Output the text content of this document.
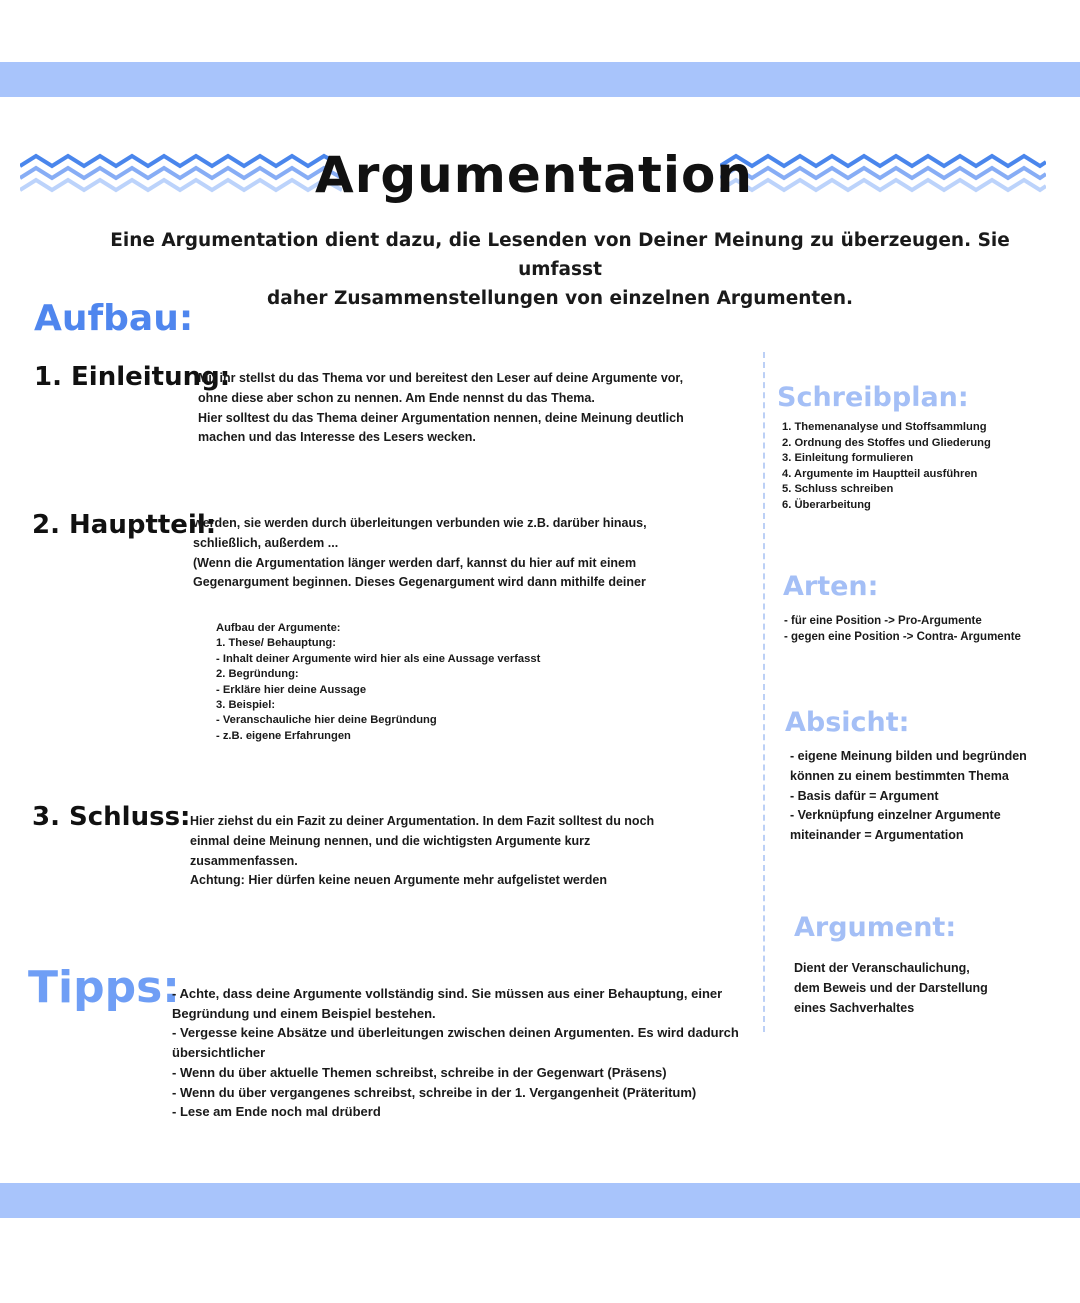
Argumentation

Eine Argumentation dient dazu, die Lesenden von Deiner Meinung zu überzeugen. Sie umfasst

daher Zusammenstellungen von einzelnen Argumenten.

Aufbau:
1. Einleitung:

Mit ihr stellst du das Thema vor und bereitest den Leser auf deine Argumente vor,

ohne diese aber schon zu nennen. Am Ende nennst du das Thema.

Hier solltest du das Thema deiner Argumentation nennen, deine Meinung deutlich

machen und das Interesse des Lesers wecken.

2. Hauptteil:

werden, sie werden durch überleitungen verbunden wie z.B. darüber hinaus,

schließlich, außerdem ...

(Wenn die Argumentation länger werden darf, kannst du hier auf mit einem

Gegenargument beginnen. Dieses Gegenargument wird dann mithilfe deiner

Aufbau der Argumente:

1. These/ Behauptung:

- Inhalt deiner Argumente wird hier als eine Aussage verfasst

2. Begründung:

- Erkläre hier deine Aussage

3. Beispiel:

- Veranschauliche hier deine Begründung

- z.B. eigene Erfahrungen

3. Schluss: Hier ziehst du ein Fazit zu deiner Argumentation. In dem Fazit solltest du noch

einmal deine Meinung nennen, und die wichtigsten Argumente kurz

zusammenfassen.

Achtung: Hier dürfen keine neuen Argumente mehr aufgelistet werden

Tipps:

- Achte, dass deine Argumente vollständig sind. Sie müssen aus einer Behauptung, einer

Begründung und einem Beispiel bestehen.

- Vergesse keine Absätze und überleitungen zwischen deinen Argumenten. Es wird dadurch

übersichtlicher

- Wenn du über aktuelle Themen schreibst, schreibe in der Gegenwart (Präsens)

- Wenn du über vergangenes schreibst, schreibe in der 1. Vergangenheit (Präteritum)

- Lese am Ende noch mal drüberd

Schreibplan:

1. Themenanalyse und Stoffsammlung

2. Ordnung des Stoffes und Gliederung

3. Einleitung formulieren

4. Argumente im Hauptteil ausführen

5. Schluss schreiben

6. Überarbeitung

Arten:

- für eine Position -> Pro-Argumente

- gegen eine Position -> Contra- Argumente

Absicht:

- eigene Meinung bilden und begründen

können zu einem bestimmten Thema

- Basis dafür = Argument

- Verknüpfung einzelner Argumente

miteinander = Argumentation

Argument:

Dient der Veranschaulichung,

dem Beweis und der Darstellung

eines Sachverhaltes
